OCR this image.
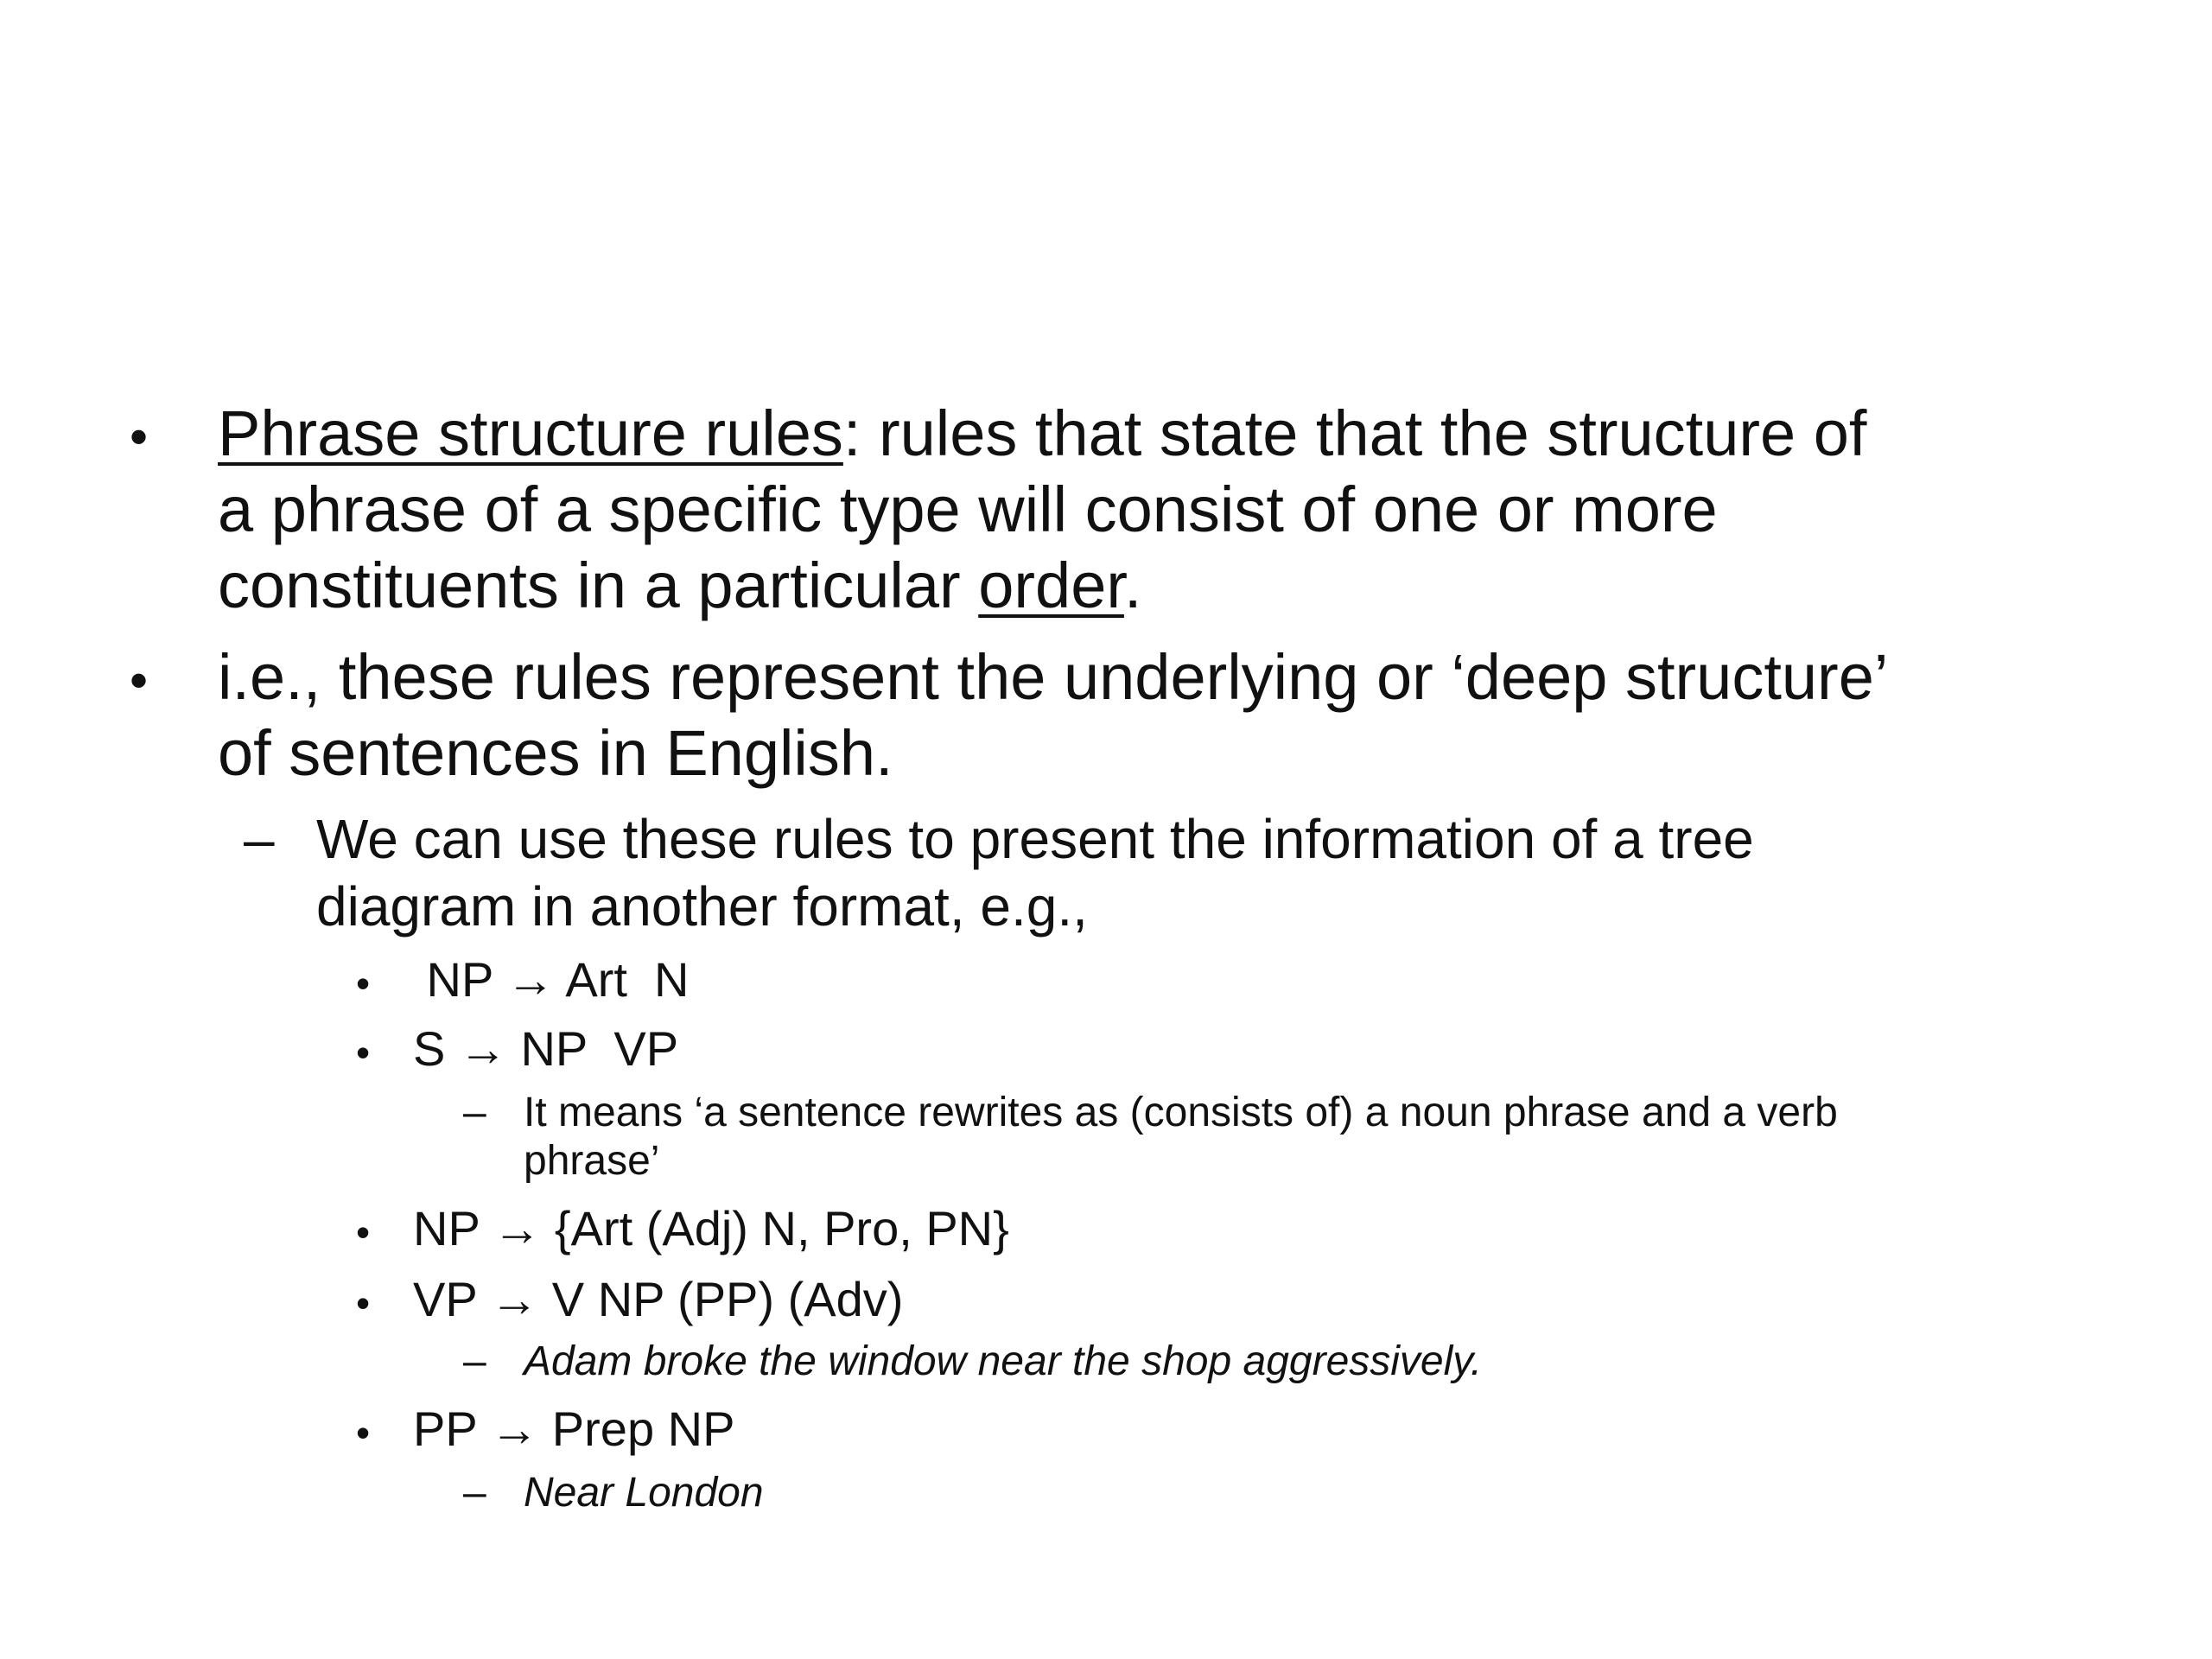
• Phrase structure rules: rules that state that the structure of
a phrase of a specific type will consist of one or more
constituents in a particular order.
• i.e., these rules represent the underlying or ‘deep structure’
of sentences in English.
– We can use these rules to present the information of a tree
diagram in another format, e.g.,
• NP → Art  N
• S → NP  VP
– It means ‘a sentence rewrites as (consists of) a noun phrase and a verb
phrase’
• NP → {Art (Adj) N, Pro, PN}
• VP → V NP (PP) (Adv)
– Adam broke the window near the shop aggressively.
• PP → Prep NP
– Near London
